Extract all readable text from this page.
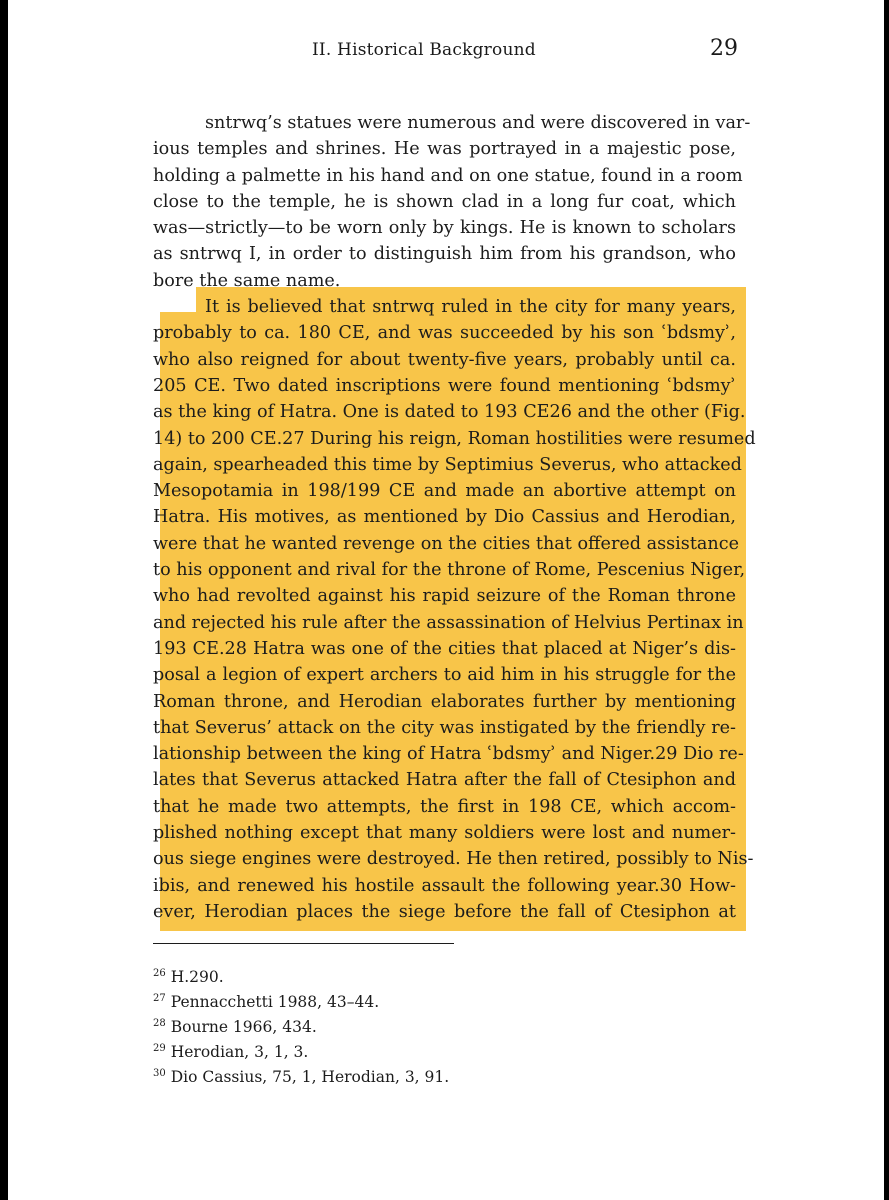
II. Historical Background	29
sntrwq’s statues were numerous and were discovered in var-
ious temples and shrines. He was portrayed in a majestic pose,
holding a palmette in his hand and on one statue, found in a room
close to the temple, he is shown clad in a long fur coat, which
was—strictly—to be worn only by kings. He is known to scholars
as sntrwq I, in order to distinguish him from his grandson, who
bore the same name.
It is believed that sntrwq ruled in the city for many years,
probably to ca. 180 CE, and was succeeded by his son ʿbdsmyʾ,
who also reigned for about twenty-five years, probably until ca.
205 CE. Two dated inscriptions were found mentioning ʿbdsmyʾ
as the king of Hatra. One is dated to 193 CE26 and the other (Fig.
14) to 200 CE.27 During his reign, Roman hostilities were resumed
again, spearheaded this time by Septimius Severus, who attacked
Mesopotamia in 198/199 CE and made an abortive attempt on
Hatra. His motives, as mentioned by Dio Cassius and Herodian,
were that he wanted revenge on the cities that offered assistance
to his opponent and rival for the throne of Rome, Pescenius Niger,
who had revolted against his rapid seizure of the Roman throne
and rejected his rule after the assassination of Helvius Pertinax in
193 CE.28 Hatra was one of the cities that placed at Niger’s dis-
posal a legion of expert archers to aid him in his struggle for the
Roman throne, and Herodian elaborates further by mentioning
that Severus’ attack on the city was instigated by the friendly re-
lationship between the king of Hatra ʿbdsmyʾ and Niger.29 Dio re-
lates that Severus attacked Hatra after the fall of Ctesiphon and
that he made two attempts, the first in 198 CE, which accom-
plished nothing except that many soldiers were lost and numer-
ous siege engines were destroyed. He then retired, possibly to Nis-
ibis, and renewed his hostile assault the following year.30 How-
ever, Herodian places the siege before the fall of Ctesiphon at
$^{26}$ H.290.
$^{27}$ Pennacchetti 1988, 43–44.
$^{28}$ Bourne 1966, 434.
$^{29}$ Herodian, 3, 1, 3.
$^{30}$ Dio Cassius, 75, 1, Herodian, 3, 91.
